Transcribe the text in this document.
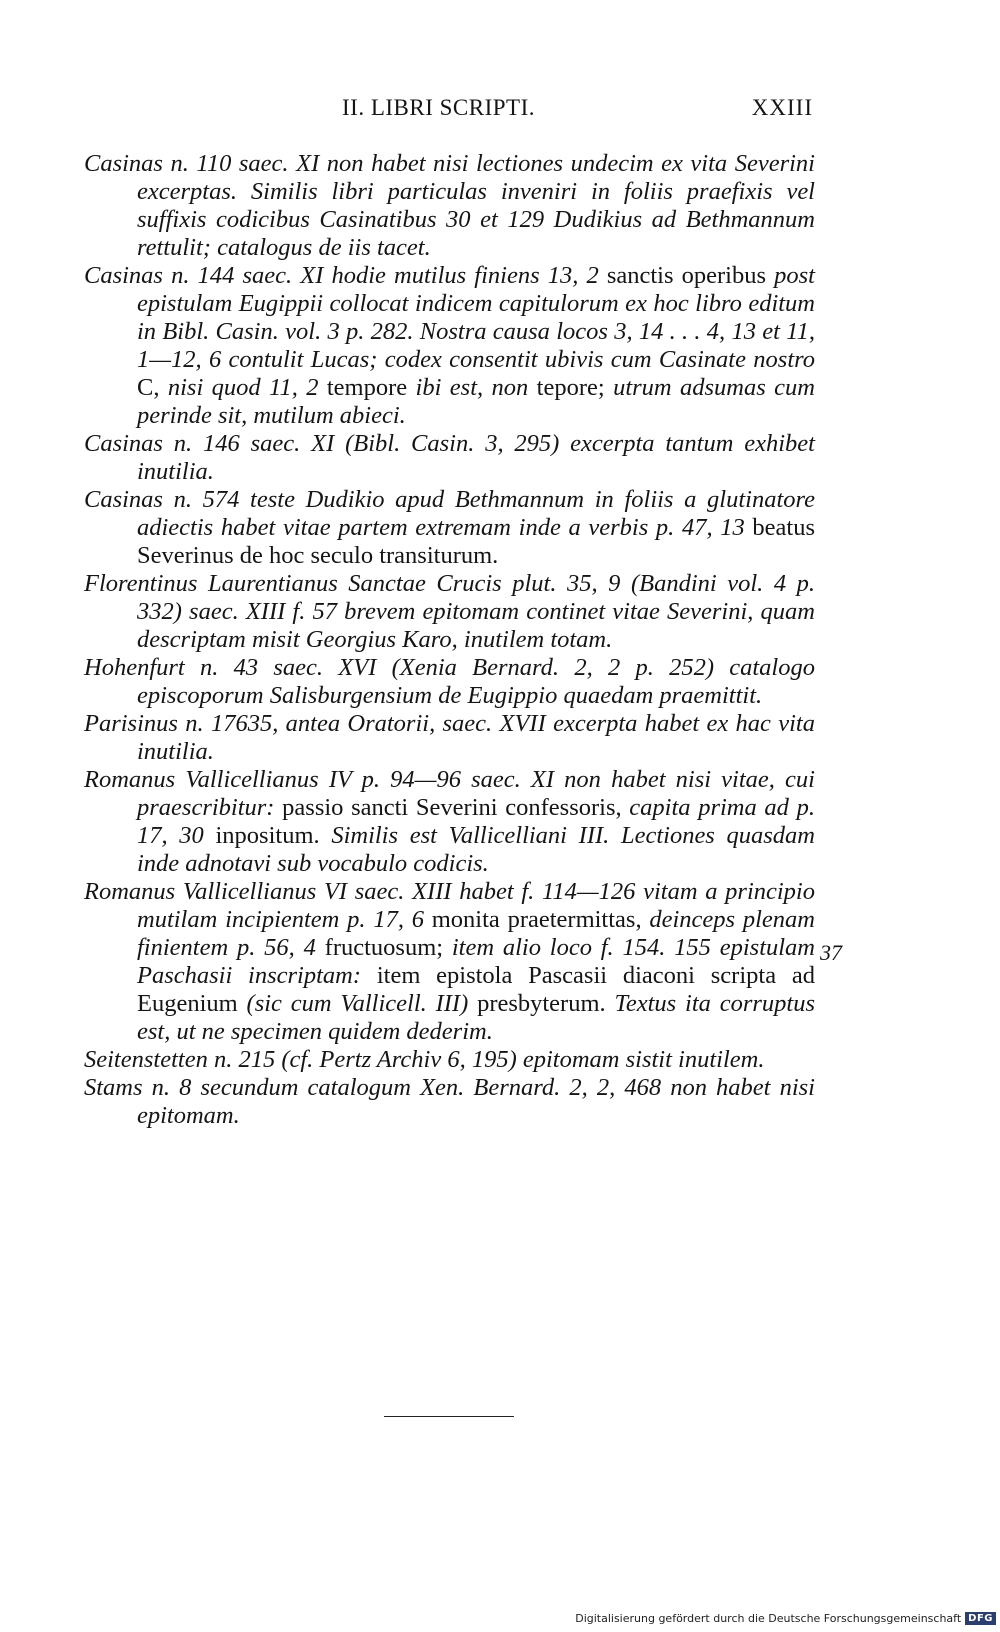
II. LIBRI SCRIPTI.	XXIII

Casinas n. 110 saec. XI non habet nisi lectiones undecim ex vita Severini excerptas. Similis libri particulas inveniri in foliis praefixis vel suffixis codicibus Casinatibus 30 et 129 Dudikius ad Bethmannum rettulit; catalogus de iis tacet.

Casinas n. 144 saec. XI hodie mutilus finiens 13, 2 sanctis operibus post epistulam Eugippii collocat indicem capitulorum ex hoc libro editum in Bibl. Casin. vol. 3 p. 282. Nostra causa locos 3, 14 . . . 4, 13 et 11, 1—12, 6 contulit Lucas; codex consentit ubivis cum Casinate nostro C, nisi quod 11, 2 tempore ibi est, non tepore; utrum adsumas cum perinde sit, mutilum abieci.

Casinas n. 146 saec. XI (Bibl. Casin. 3, 295) excerpta tantum exhibet inutilia.

Casinas n. 574 teste Dudikio apud Bethmannum in foliis a glutinatore adiectis habet vitae partem extremam inde a verbis p. 47, 13 beatus Severinus de hoc seculo transiturum.

Florentinus Laurentianus Sanctae Crucis plut. 35, 9 (Bandini vol. 4 p. 332) saec. XIII f. 57 brevem epitomam continet vitae Severini, quam descriptam misit Georgius Karo, inutilem totam.

Hohenfurt n. 43 saec. XVI (Xenia Bernard. 2, 2 p. 252) catalogo episcoporum Salisburgensium de Eugippio quaedam praemittit.

Parisinus n. 17635, antea Oratorii, saec. XVII excerpta habet ex hac vita inutilia.

Romanus Vallicellianus IV p. 94—96 saec. XI non habet nisi vitae, cui praescribitur: passio sancti Severini confessoris, capita prima ad p. 17, 30 inpositum. Similis est Vallicelliani III. Lectiones quasdam inde adnotavi sub vocabulo codicis.

Romanus Vallicellianus VI saec. XIII habet f. 114—126 vitam a principio mutilam incipientem p. 17, 6 monita praetermittas, deinceps plenam finientem p. 56, 4 fructuosum; item alio loco f. 154. 155 epistulam Paschasii inscriptam: item epistola Pascasii diaconi scripta ad Eugenium (sic cum Vallicell. III) presbyterum. Textus ita corruptus est, ut ne specimen quidem dederim.

Seitenstetten n. 215 (cf. Pertz Archiv 6, 195) epitomam sistit inutilem.

Stams n. 8 secundum catalogum Xen. Bernard. 2, 2, 468 non habet nisi epitomam.

37
Digitalisierung gefördert durch die Deutsche Forschungsgemeinschaft DFG
